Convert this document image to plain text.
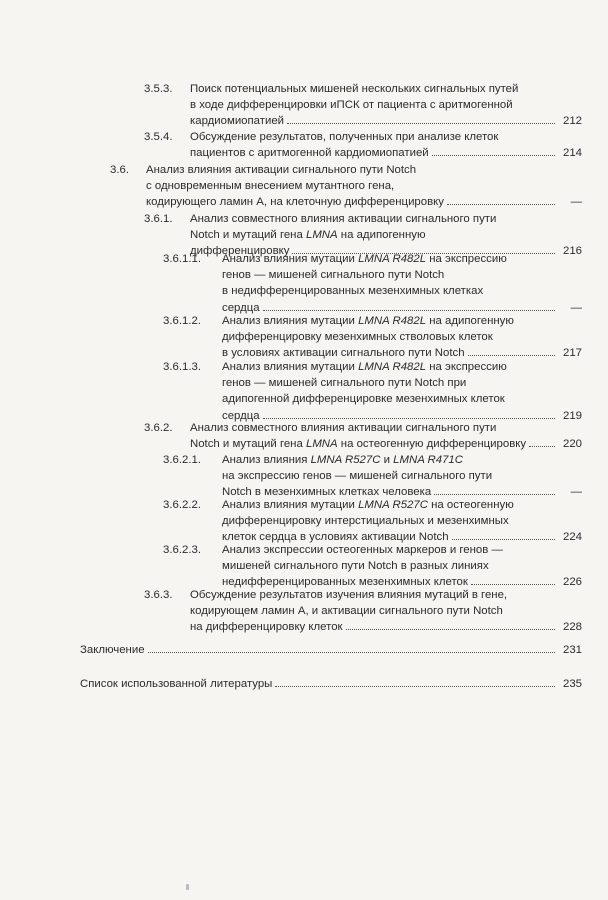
3.5.3. Поиск потенциальных мишеней нескольких сигнальных путей
в ходе дифференцировки иПСК от пациента с аритмогенной
кардиомиопатией	212
3.5.4. Обсуждение результатов, полученных при анализе клеток
пациентов с аритмогенной кардиомиопатией	214
3.6. Анализ влияния активации сигнального пути Notch
с одновременным внесением мутантного гена,
кодирующего ламин А, на клеточную дифференцировку	—
3.6.1. Анализ совместного влияния активации сигнального пути
Notch и мутаций гена LMNA на адипогенную
дифференцировку	216
3.6.1.1. Анализ влияния мутации LMNA R482L на экспрессию
генов — мишеней сигнального пути Notch
в недифференцированных мезенхимных клетках
сердца	—
3.6.1.2. Анализ влияния мутации LMNA R482L на адипогенную
дифференцировку мезенхимных стволовых клеток
в условиях активации сигнального пути Notch	217
3.6.1.3. Анализ влияния мутации LMNA R482L на экспрессию
генов — мишеней сигнального пути Notch при
адипогенной дифференцировке мезенхимных клеток
сердца	219
3.6.2. Анализ совместного влияния активации сигнального пути
Notch и мутаций гена LMNA на остеогенную дифференцировку	220
3.6.2.1. Анализ влияния LMNA R527C и LMNA R471C
на экспрессию генов — мишеней сигнального пути
Notch в мезенхимных клетках человека	—
3.6.2.2. Анализ влияния мутации LMNA R527C на остеогенную
дифференцировку интерстициальных и мезенхимных
клеток сердца в условиях активации Notch	224
3.6.2.3. Анализ экспрессии остеогенных маркеров и генов —
мишеней сигнального пути Notch в разных линиях
недифференцированных мезенхимных клеток	226
3.6.3. Обсуждение результатов изучения влияния мутаций в гене,
кодирующем ламин А, и активации сигнального пути Notch
на дифференцировку клеток	228
Заключение	231
Список использованной литературы	235
